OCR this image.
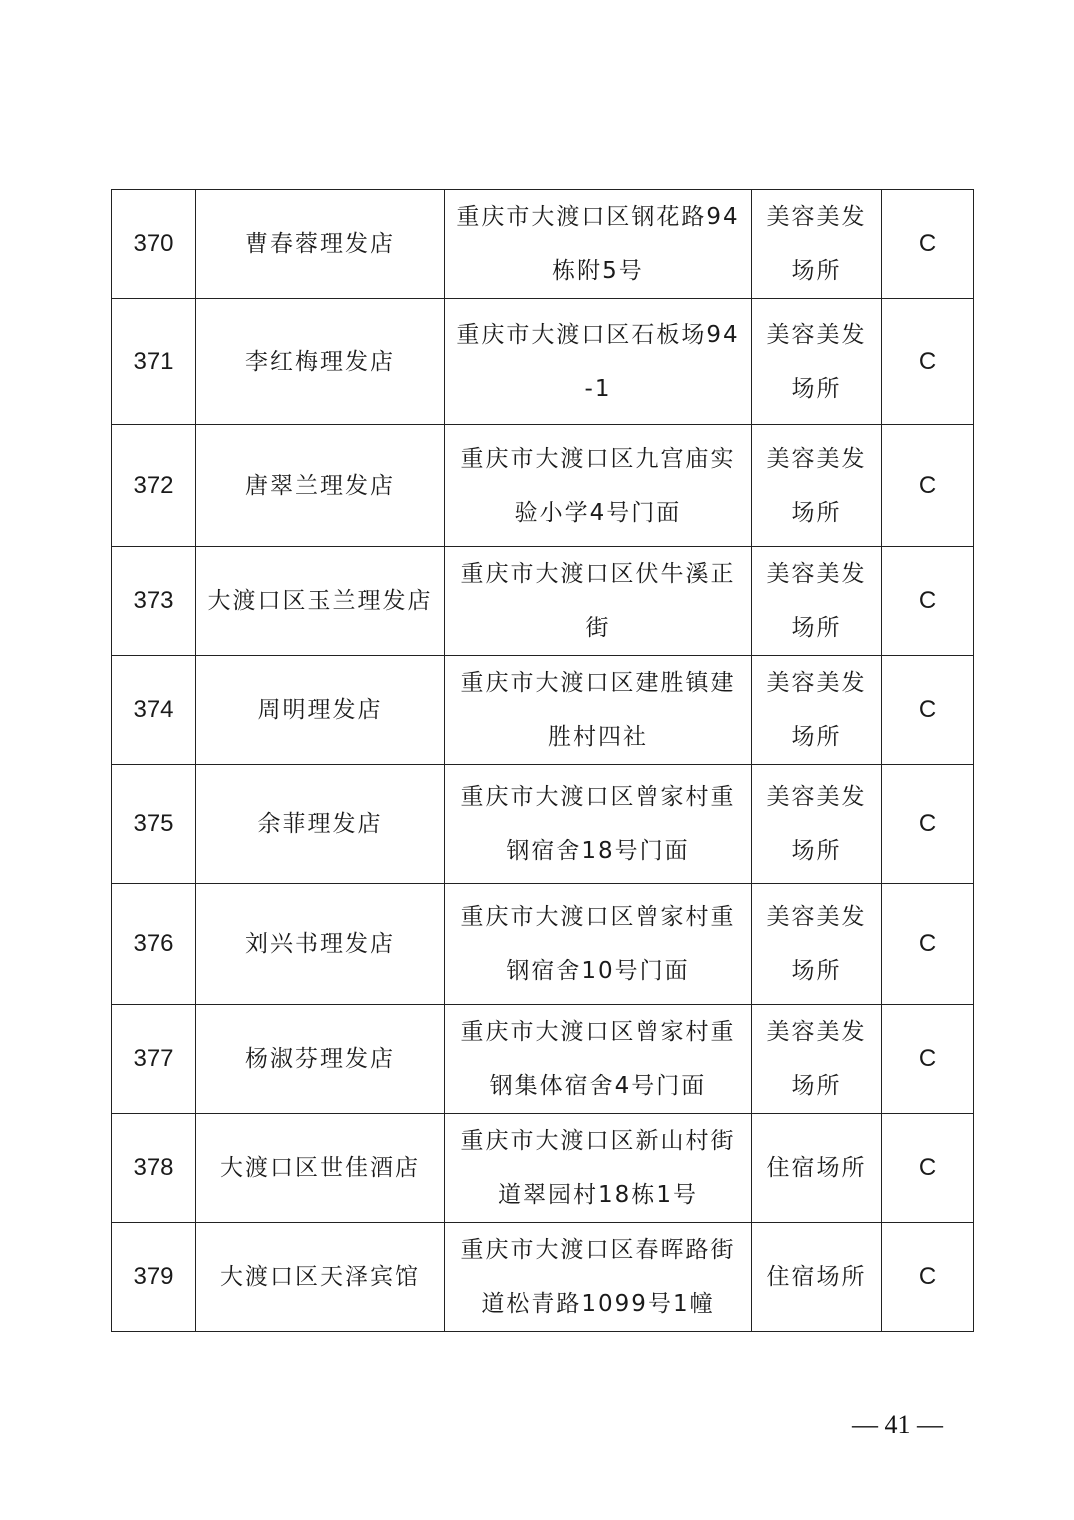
370	曹春蓉理发店	重庆市大渡口区钢花路94栋附5号	美容美发场所	C
371	李红梅理发店	重庆市大渡口区石板场94-1	美容美发场所	C
372	唐翠兰理发店	重庆市大渡口区九宫庙实验小学4号门面	美容美发场所	C
373	大渡口区玉兰理发店	重庆市大渡口区伏牛溪正街	美容美发场所	C
374	周明理发店	重庆市大渡口区建胜镇建胜村四社	美容美发场所	C
375	余菲理发店	重庆市大渡口区曾家村重钢宿舍18号门面	美容美发场所	C
376	刘兴书理发店	重庆市大渡口区曾家村重钢宿舍10号门面	美容美发场所	C
377	杨淑芬理发店	重庆市大渡口区曾家村重钢集体宿舍4号门面	美容美发场所	C
378	大渡口区世佳酒店	重庆市大渡口区新山村街道翠园村18栋1号	住宿场所	C
379	大渡口区天泽宾馆	重庆市大渡口区春晖路街道松青路1099号1幢	住宿场所	C
— 41 —
